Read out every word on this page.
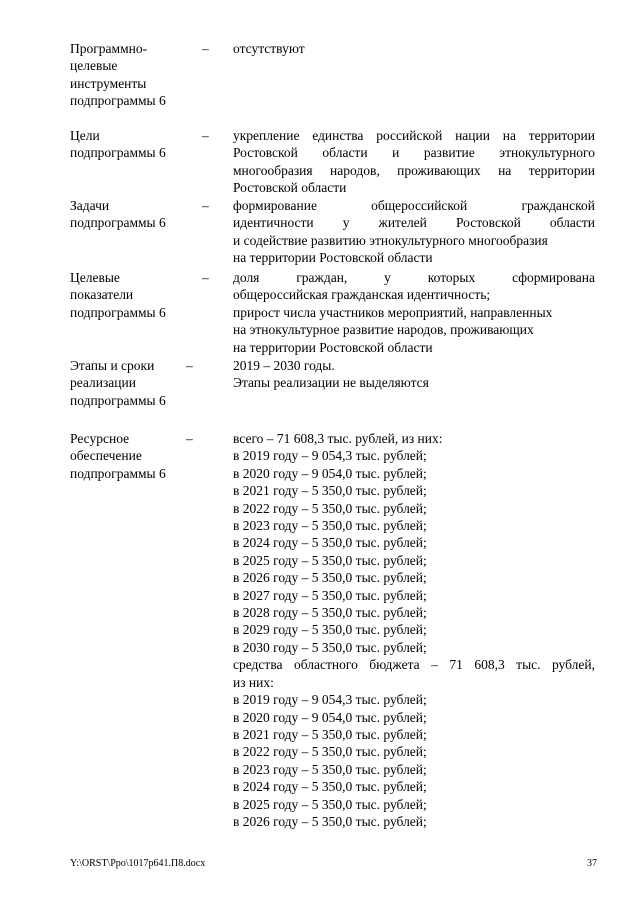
Программно-
целевые
инструменты
подпрограммы 6
–	отсутствуют
Цели
подпрограммы 6
–	укрепление единства российской нации на территории
Ростовской области и развитие этнокультурного
многообразия народов, проживающих на территории
Ростовской области
Задачи
подпрограммы 6
–	формирование общероссийской гражданской
идентичности у жителей Ростовской области
и содействие развитию этнокультурного многообразия
на территории Ростовской области
Целевые
показатели
подпрограммы 6
–	доля граждан, у которых сформирована
общероссийская гражданская идентичность;
прирост числа участников мероприятий, направленных
на этнокультурное развитие народов, проживающих
на территории Ростовской области
Этапы и сроки
реализации
подпрограммы 6
–	2019 – 2030 годы.
Этапы реализации не выделяются
Ресурсное
обеспечение
подпрограммы 6
–	всего – 71 608,3 тыс. рублей, из них:
в 2019 году – 9 054,3 тыс. рублей;
в 2020 году – 9 054,0 тыс. рублей;
в 2021 году – 5 350,0 тыс. рублей;
в 2022 году – 5 350,0 тыс. рублей;
в 2023 году – 5 350,0 тыс. рублей;
в 2024 году – 5 350,0 тыс. рублей;
в 2025 году – 5 350,0 тыс. рублей;
в 2026 году – 5 350,0 тыс. рублей;
в 2027 году – 5 350,0 тыс. рублей;
в 2028 году – 5 350,0 тыс. рублей;
в 2029 году – 5 350,0 тыс. рублей;
в 2030 году – 5 350,0 тыс. рублей;
средства областного бюджета – 71 608,3 тыс. рублей,
из них:
в 2019 году – 9 054,3 тыс. рублей;
в 2020 году – 9 054,0 тыс. рублей;
в 2021 году – 5 350,0 тыс. рублей;
в 2022 году – 5 350,0 тыс. рублей;
в 2023 году – 5 350,0 тыс. рублей;
в 2024 году – 5 350,0 тыс. рублей;
в 2025 году – 5 350,0 тыс. рублей;
в 2026 году – 5 350,0 тыс. рублей;
Y:\ORST\Ppo\1017p641.П8.docx	37
